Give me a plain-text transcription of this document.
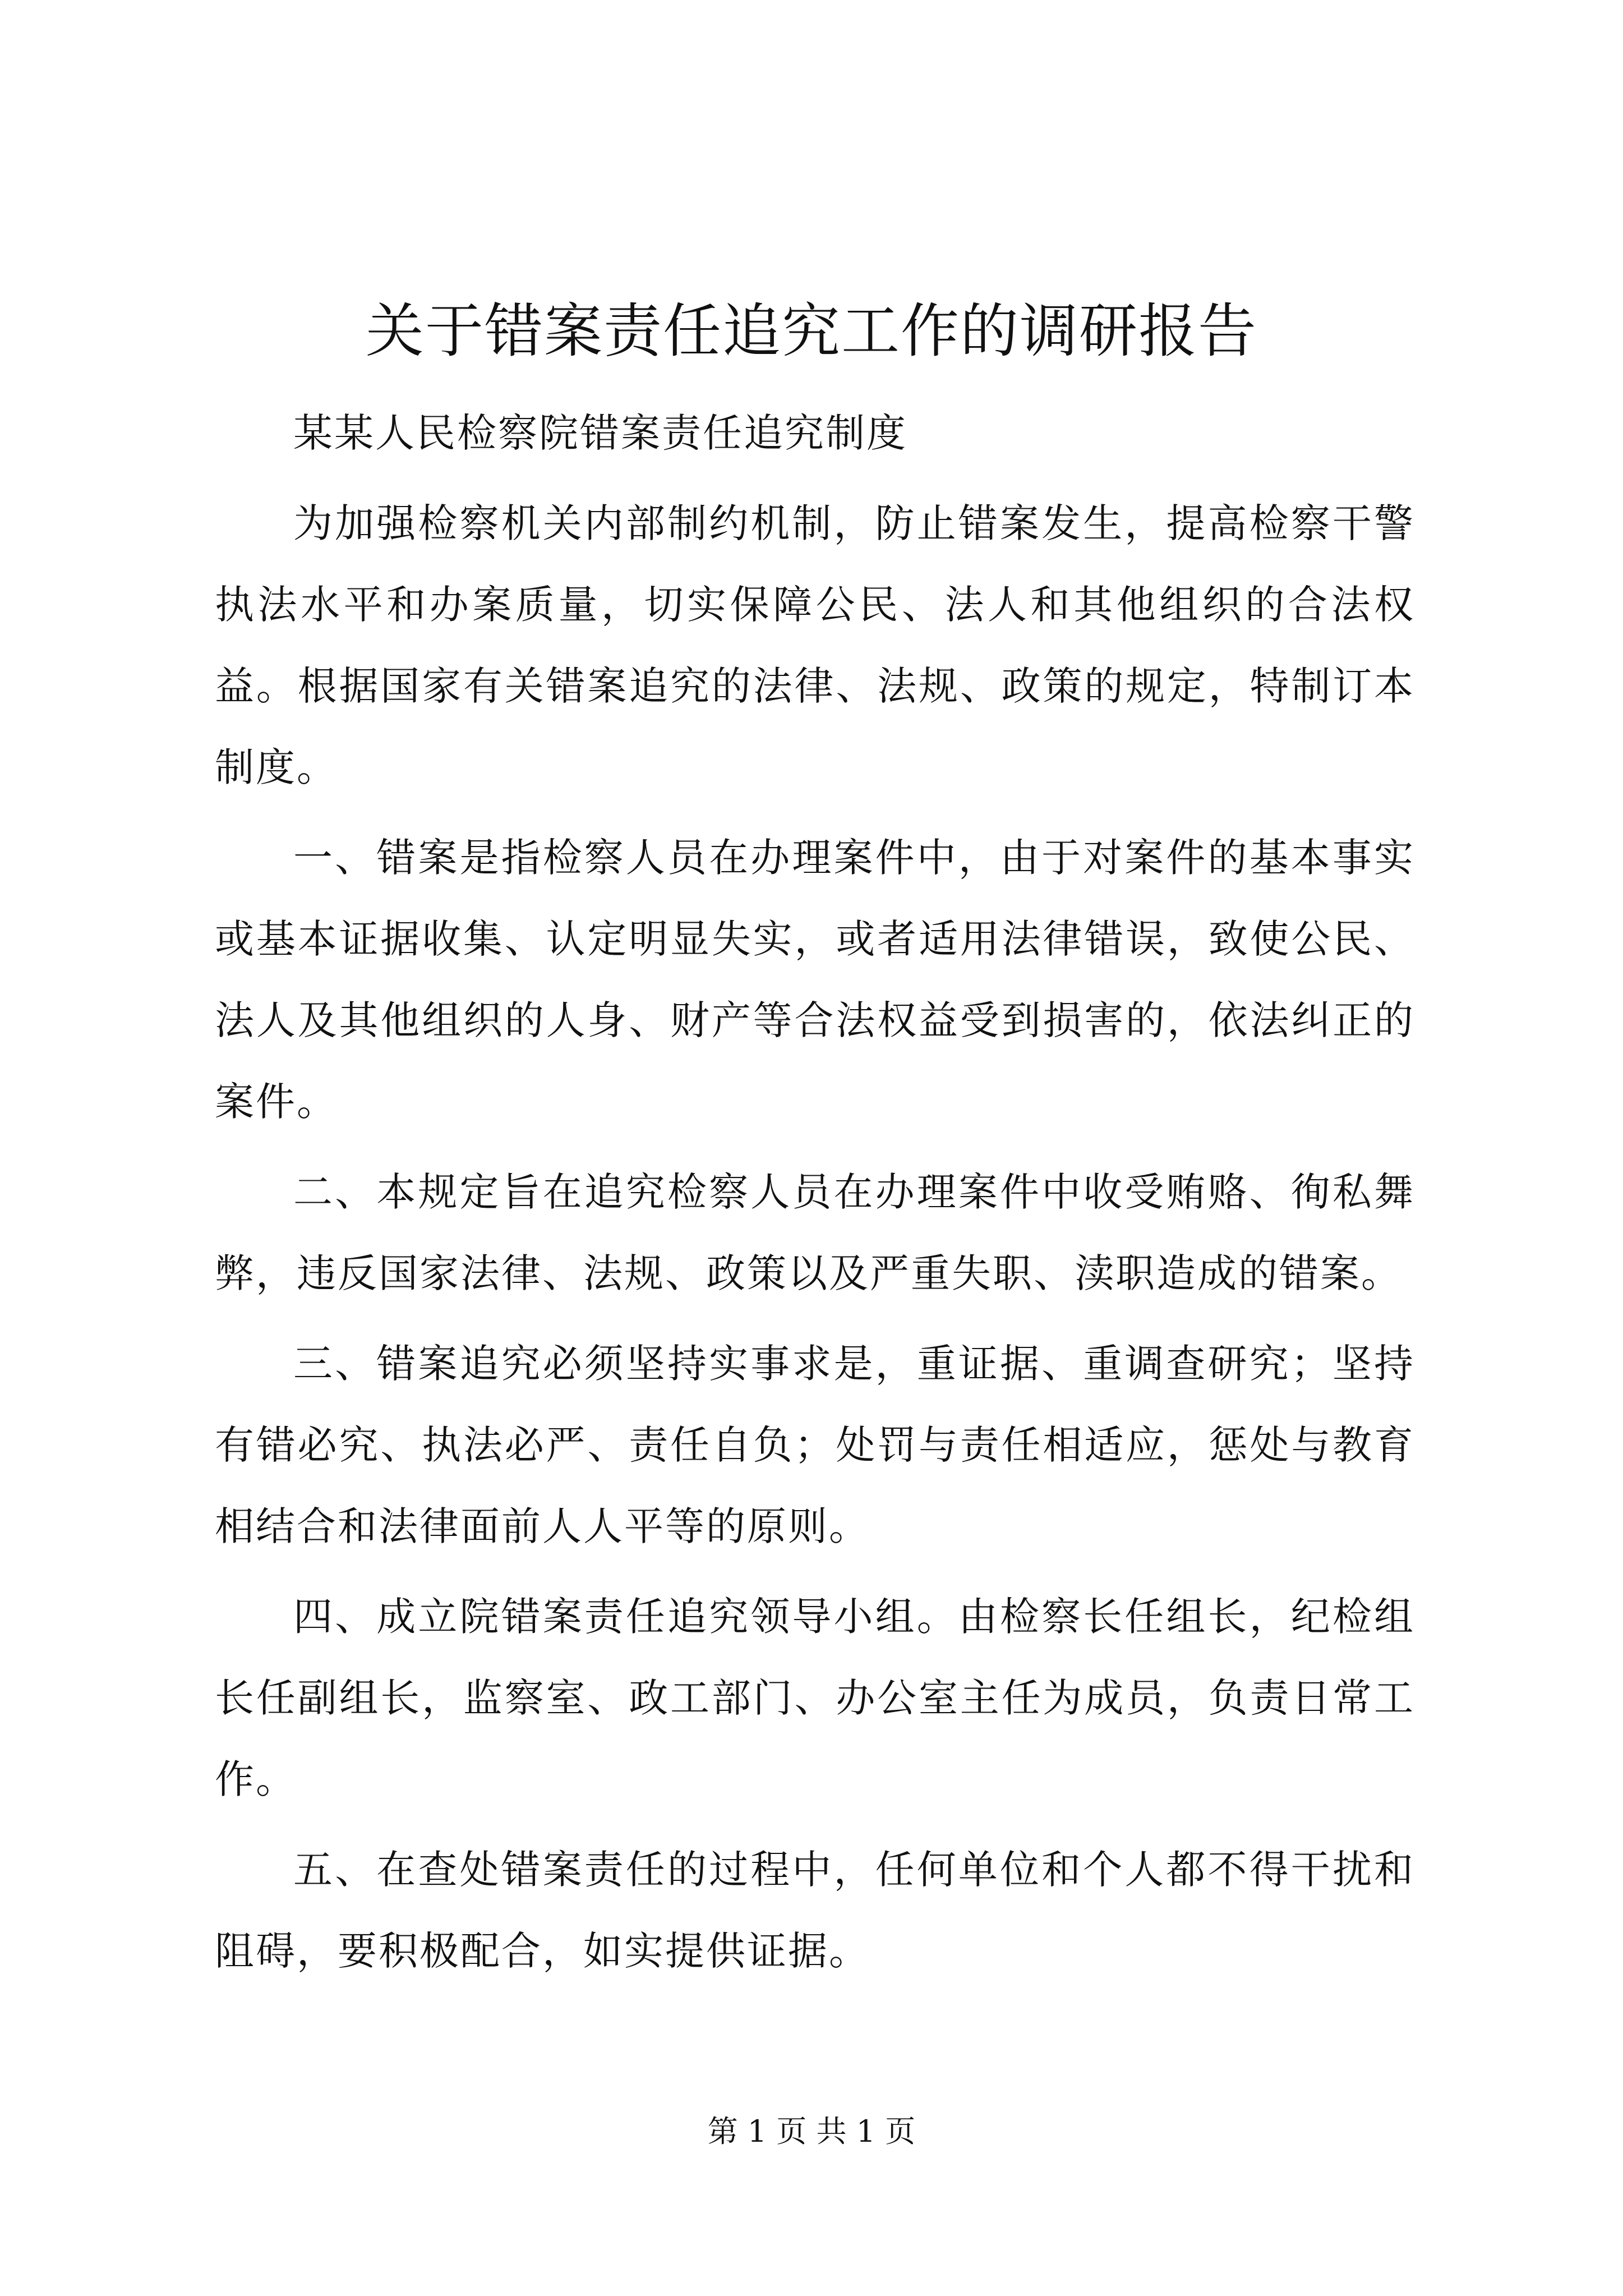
关于错案责任追究工作的调研报告

某某人民检察院错案责任追究制度

为加强检察机关内部制约机制，防止错案发生，提高检察干警执法水平和办案质量，切实保障公民、法人和其他组织的合法权益。根据国家有关错案追究的法律、法规、政策的规定，特制订本制度。

一、错案是指检察人员在办理案件中，由于对案件的基本事实或基本证据收集、认定明显失实，或者适用法律错误，致使公民、法人及其他组织的人身、财产等合法权益受到损害的，依法纠正的案件。

二、本规定旨在追究检察人员在办理案件中收受贿赂、徇私舞弊，违反国家法律、法规、政策以及严重失职、渎职造成的错案。

三、错案追究必须坚持实事求是，重证据、重调查研究；坚持有错必究、执法必严、责任自负；处罚与责任相适应，惩处与教育相结合和法律面前人人平等的原则。

四、成立院错案责任追究领导小组。由检察长任组长，纪检组长任副组长，监察室、政工部门、办公室主任为成员，负责日常工作。

五、在查处错案责任的过程中，任何单位和个人都不得干扰和阻碍，要积极配合，如实提供证据。

第 1 页 共 1 页
